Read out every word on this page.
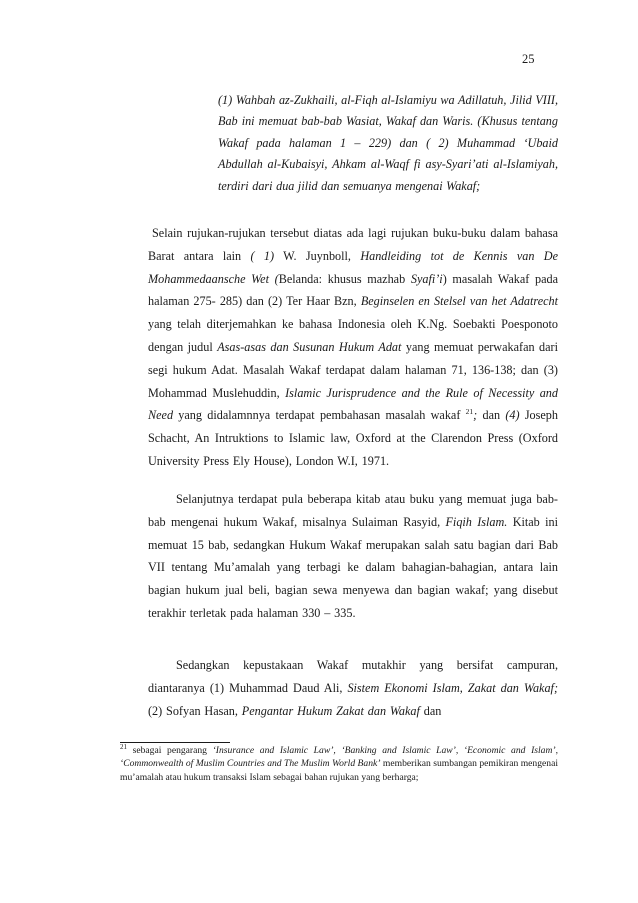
25
(1) Wahbah az-Zukhaili, al-Fiqh al-Islamiyu wa Adillatuh, Jilid VIII, Bab ini memuat bab-bab Wasiat, Wakaf dan Waris. (Khusus tentang Wakaf pada halaman 1 – 229) dan ( 2) Muhammad ‘Ubaid Abdullah al-Kubaisyi, Ahkam al-Waqf fi asy-Syari’ati al-Islamiyah, terdiri dari dua jilid dan semuanya mengenai Wakaf;
Selain rujukan-rujukan tersebut diatas ada lagi rujukan buku-buku dalam bahasa Barat antara lain ( 1) W. Juynboll, Handleiding tot de Kennis van De Mohammedaansche Wet (Belanda: khusus mazhab Syafi’i) masalah Wakaf pada halaman 275- 285) dan (2) Ter Haar Bzn, Beginselen en Stelsel van het Adatrecht yang telah diterjemahkan ke bahasa Indonesia oleh K.Ng. Soebakti Poesponoto dengan judul Asas-asas dan Susunan Hukum Adat yang memuat perwakafan dari segi hukum Adat. Masalah Wakaf terdapat dalam halaman 71, 136-138; dan (3) Mohammad Muslehuddin, Islamic Jurisprudence and the Rule of Necessity and Need yang didalamnnya terdapat pembahasan masalah wakaf $^{21}$; dan (4) Joseph Schacht, An Intruktions to Islamic law, Oxford at the Clarendon Press (Oxford University Press Ely House), London W.I, 1971.
Selanjutnya terdapat pula beberapa kitab atau buku yang memuat juga bab-bab mengenai hukum Wakaf, misalnya Sulaiman Rasyid, Fiqih Islam. Kitab ini memuat 15 bab, sedangkan Hukum Wakaf merupakan salah satu bagian dari Bab VII tentang Mu’amalah yang terbagi ke dalam bahagian-bahagian, antara lain bagian hukum jual beli, bagian sewa menyewa dan bagian wakaf; yang disebut terakhir terletak pada halaman 330 – 335.
Sedangkan kepustakaan Wakaf mutakhir yang bersifat campuran, diantaranya (1) Muhammad Daud Ali, Sistem Ekonomi Islam, Zakat dan Wakaf; (2) Sofyan Hasan, Pengantar Hukum Zakat dan Wakaf dan
$^{21}$ sebagai pengarang ‘Insurance and Islamic Law’, ‘Banking and Islamic Law’, ‘Economic and Islam’, ‘Commonwealth of Muslim Countries and The Muslim World Bank’ memberikan sumbangan pemikiran mengenai mu’amalah atau hukum transaksi Islam sebagai bahan rujukan yang berharga;
